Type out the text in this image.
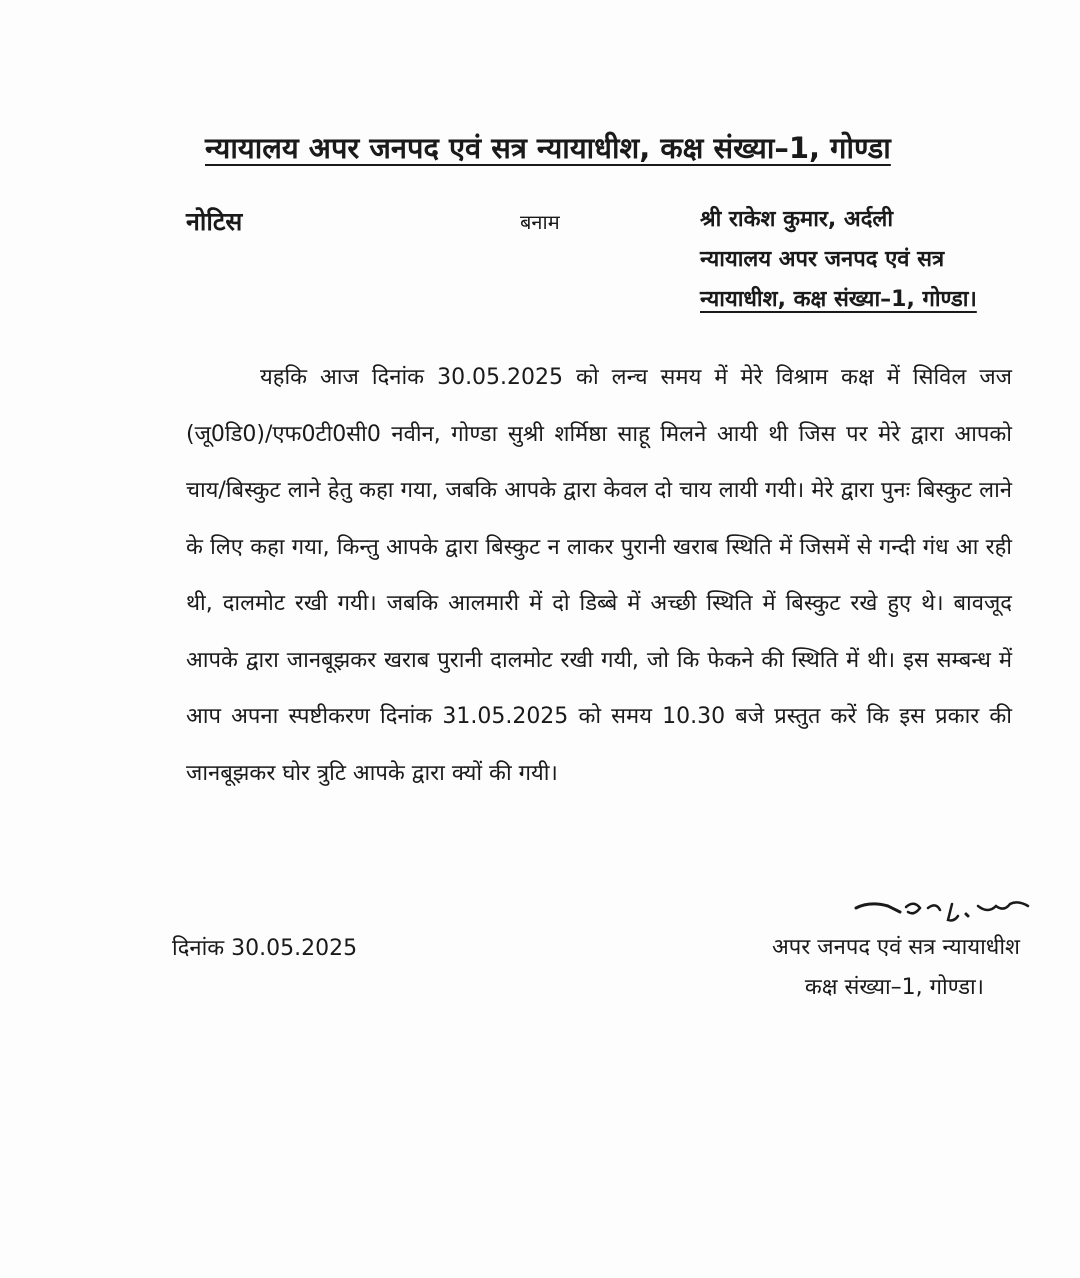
न्यायालय अपर जनपद एवं सत्र न्यायाधीश, कक्ष संख्या–1, गोण्डा
नोटिस	बनाम	श्री राकेश कुमार, अर्दली
न्यायालय अपर जनपद एवं सत्र
न्यायाधीश, कक्ष संख्या–1, गोण्डा।
यहकि आज दिनांक 30.05.2025 को लन्च समय में मेरे विश्राम कक्ष में सिविल जज (जू0डि0)/एफ0टी0सी0 नवीन, गोण्डा सुश्री शर्मिष्ठा साहू मिलने आयी थी जिस पर मेरे द्वारा आपको चाय/बिस्कुट लाने हेतु कहा गया, जबकि आपके द्वारा केवल दो चाय लायी गयी। मेरे द्वारा पुनः बिस्कुट लाने के लिए कहा गया, किन्तु आपके द्वारा बिस्कुट न लाकर पुरानी खराब स्थिति में जिसमें से गन्दी गंध आ रही थी, दालमोट रखी गयी। जबकि आलमारी में दो डिब्बे में अच्छी स्थिति में बिस्कुट रखे हुए थे। बावजूद आपके द्वारा जानबूझकर खराब पुरानी दालमोट रखी गयी, जो कि फेकने की स्थिति में थी। इस सम्बन्ध में आप अपना स्पष्टीकरण दिनांक 31.05.2025 को समय 10.30 बजे प्रस्तुत करें कि इस प्रकार की जानबूझकर घोर त्रुटि आपके द्वारा क्यों की गयी।
दिनांक 30.05.2025	अपर जनपद एवं सत्र न्यायाधीश
कक्ष संख्या–1, गोण्डा।
